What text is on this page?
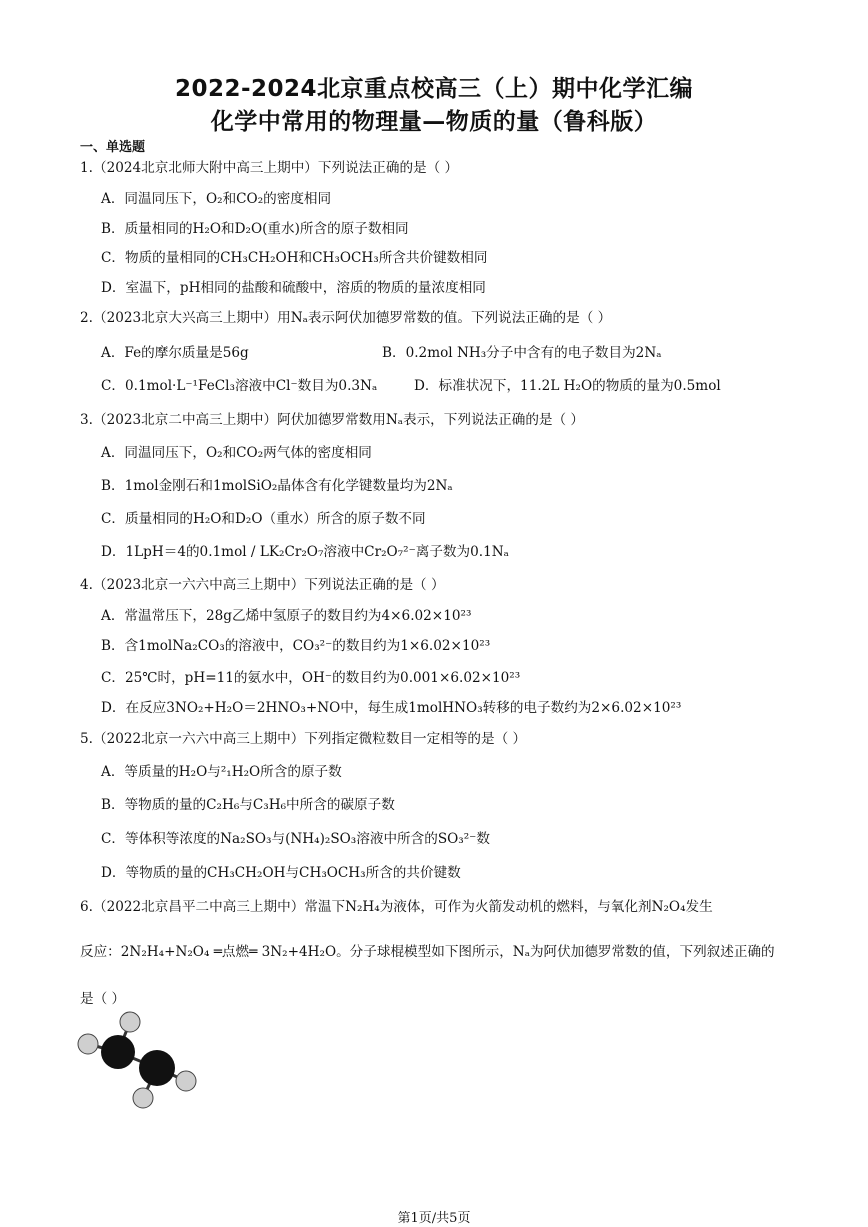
2022-2024北京重点校高三（上）期中化学汇编
化学中常用的物理量—物质的量（鲁科版）
一、单选题
1.（2024北京北师大附中高三上期中）下列说法正确的是（ ）
A．同温同压下，O₂和CO₂的密度相同
B．质量相同的H₂O和D₂O(重水)所含的原子数相同
C．物质的量相同的CH₃CH₂OH和CH₃OCH₃所含共价键数相同
D．室温下，pH相同的盐酸和硫酸中，溶质的物质的量浓度相同
2.（2023北京大兴高三上期中）用Nₐ表示阿伏加德罗常数的值。下列说法正确的是（ ）
A．Fe的摩尔质量是56g	B．0.2mol NH₃分子中含有的电子数目为2Nₐ
C．0.1mol·L⁻¹FeCl₃溶液中Cl⁻数目为0.3Nₐ	D．标准状况下，11.2L H₂O的物质的量为0.5mol
3.（2023北京二中高三上期中）阿伏加德罗常数用Nₐ表示，下列说法正确的是（ ）
A．同温同压下，O₂和CO₂两气体的密度相同
B．1mol金刚石和1molSiO₂晶体含有化学键数量均为2Nₐ
C．质量相同的H₂O和D₂O（重水）所含的原子数不同
D．1LpH＝4的0.1mol / LK₂Cr₂O₇溶液中Cr₂O₇²⁻离子数为0.1Nₐ
4.（2023北京一六六中高三上期中）下列说法正确的是（ ）
A．常温常压下，28g乙烯中氢原子的数目约为4×6.02×10²³
B．含1molNa₂CO₃的溶液中，CO₃²⁻的数目约为1×6.02×10²³
C．25℃时，pH=11的氨水中，OH⁻的数目约为0.001×6.02×10²³
D．在反应3NO₂+H₂O＝2HNO₃+NO中，每生成1molHNO₃转移的电子数约为2×6.02×10²³
5.（2022北京一六六中高三上期中）下列指定微粒数目一定相等的是（ ）
A．等质量的H₂O与²₁H₂O所含的原子数
B．等物质的量的C₂H₆与C₃H₆中所含的碳原子数
C．等体积等浓度的Na₂SO₃与(NH₄)₂SO₃溶液中所含的SO₃²⁻数
D．等物质的量的CH₃CH₂OH与CH₃OCH₃所含的共价键数
6.（2022北京昌平二中高三上期中）常温下N₂H₄为液体，可作为火箭发动机的燃料，与氧化剂N₂O₄发生
反应：2N₂H₄+N₂O₄ ═点燃═ 3N₂+4H₂O。分子球棍模型如下图所示，Nₐ为阿伏加德罗常数的值，下列叙述正确的
是（ ）
第1页/共5页
